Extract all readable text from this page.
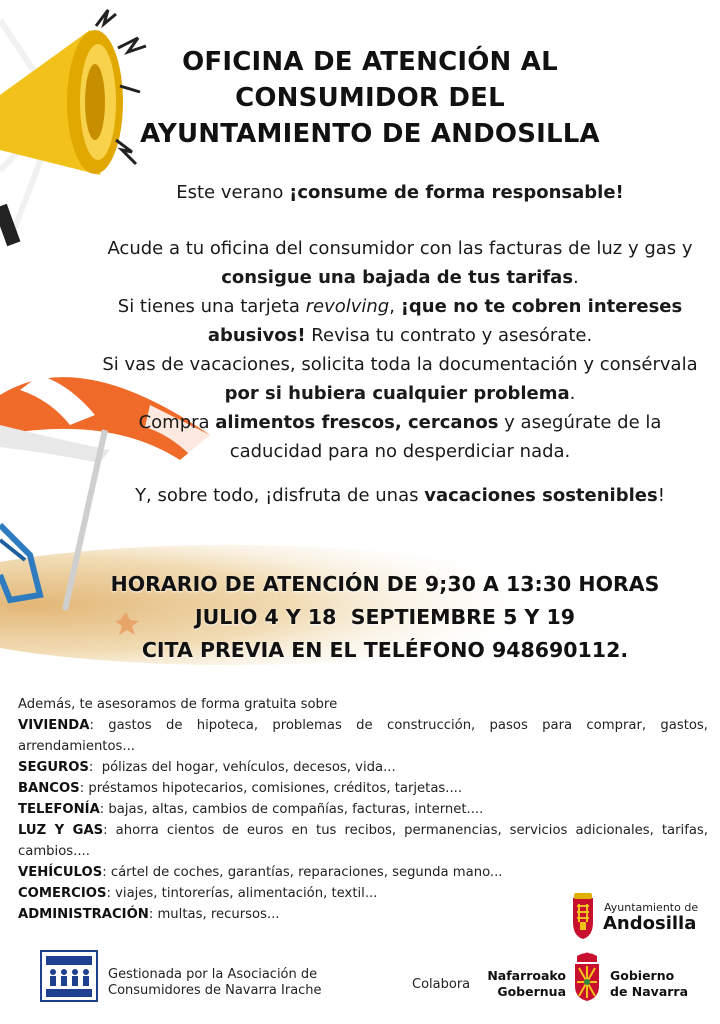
OFICINA DE ATENCIÓN AL
CONSUMIDOR DEL
AYUNTAMIENTO DE ANDOSILLA
Este verano ¡consume de forma responsable!

Acude a tu oficina del consumidor con las facturas de luz y gas y consigue una bajada de tus tarifas.

Si tienes una tarjeta revolving, ¡que no te cobren intereses abusivos! Revisa tu contrato y asesórate.

Si vas de vacaciones, solicita toda la documentación y consérvala por si hubiera cualquier problema.

Compra alimentos frescos, cercanos y asegúrate de la caducidad para no desperdiciar nada.

Y, sobre todo, ¡disfruta de unas vacaciones sostenibles!
HORARIO DE ATENCIÓN DE 9;30 A 13:30 HORAS
JULIO 4 Y 18  SEPTIEMBRE 5 Y 19
CITA PREVIA EN EL TELÉFONO 948690112.

Además, te asesoramos de forma gratuita sobre

VIVIENDA: gastos de hipoteca, problemas de construcción, pasos para comprar, gastos, arrendamientos...

SEGUROS:  pólizas del hogar, vehículos, decesos, vida...

BANCOS: préstamos hipotecarios, comisiones, créditos, tarjetas....

TELEFONÍA: bajas, altas, cambios de compañías, facturas, internet....

LUZ Y GAS: ahorra cientos de euros en tus recibos, permanencias, servicios adicionales, tarifas, cambios....

VEHÍCULOS: cártel de coches, garantías, reparaciones, segunda mano...

COMERCIOS: viajes, tintorerías, alimentación, textil...

ADMINISTRACIÓN: multas, recursos...	Ayuntamiento de
Andosilla
Gestionada por la Asociación de
Consumidores de Navarra Irache	Colabora
Nafarroako
Gobernua
Gobierno
de Navarra
